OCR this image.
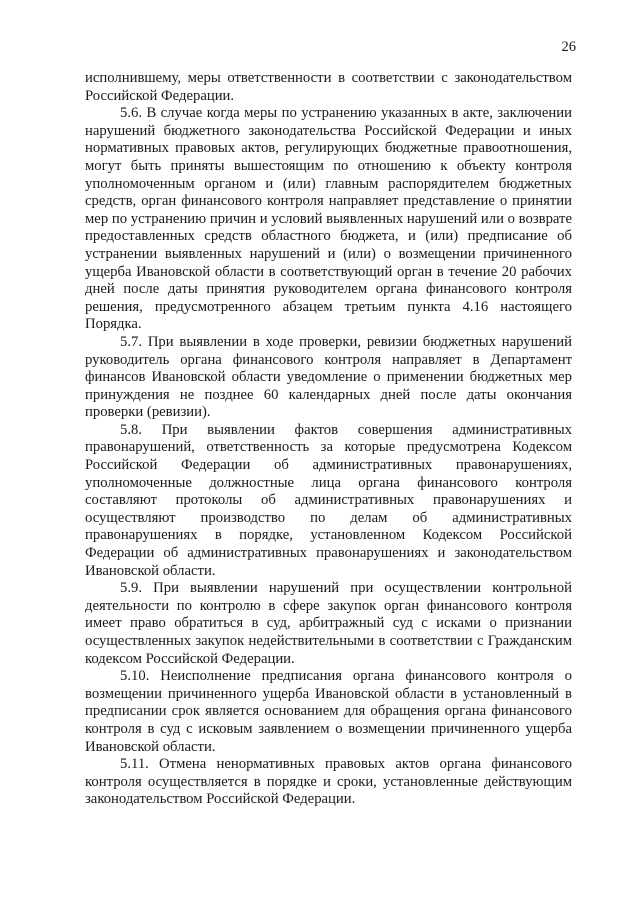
26

исполнившему, меры ответственности в соответствии с законодательством Российской Федерации.

5.6. В случае когда меры по устранению указанных в акте, заключении нарушений бюджетного законодательства Российской Федерации и иных нормативных правовых актов, регулирующих бюджетные правоотношения, могут быть приняты вышестоящим по отношению к объекту контроля уполномоченным органом и (или) главным распорядителем бюджетных средств, орган финансового контроля направляет представление о принятии мер по устранению причин и условий выявленных нарушений или о возврате предоставленных средств областного бюджета, и (или) предписание об устранении выявленных нарушений и (или) о возмещении причиненного ущерба Ивановской области в соответствующий орган в течение 20 рабочих дней после даты принятия руководителем органа финансового контроля решения, предусмотренного абзацем третьим пункта 4.16 настоящего Порядка.

5.7. При выявлении в ходе проверки, ревизии бюджетных нарушений руководитель органа финансового контроля направляет в Департамент финансов Ивановской области уведомление о применении бюджетных мер принуждения не позднее 60 календарных дней после даты окончания проверки (ревизии).

5.8. При выявлении фактов совершения административных правонарушений, ответственность за которые предусмотрена Кодексом Российской Федерации об административных правонарушениях, уполномоченные должностные лица органа финансового контроля составляют протоколы об административных правонарушениях и осуществляют производство по делам об административных правонарушениях в порядке, установленном Кодексом Российской Федерации об административных правонарушениях и законодательством Ивановской области.

5.9. При выявлении нарушений при осуществлении контрольной деятельности по контролю в сфере закупок орган финансового контроля имеет право обратиться в суд, арбитражный суд с исками о признании осуществленных закупок недействительными в соответствии с Гражданским кодексом Российской Федерации.

5.10. Неисполнение предписания органа финансового контроля о возмещении причиненного ущерба Ивановской области в установленный в предписании срок является основанием для обращения органа финансового контроля в суд с исковым заявлением о возмещении причиненного ущерба Ивановской области.

5.11. Отмена ненормативных правовых актов органа финансового контроля осуществляется в порядке и сроки, установленные действующим законодательством Российской Федерации.
